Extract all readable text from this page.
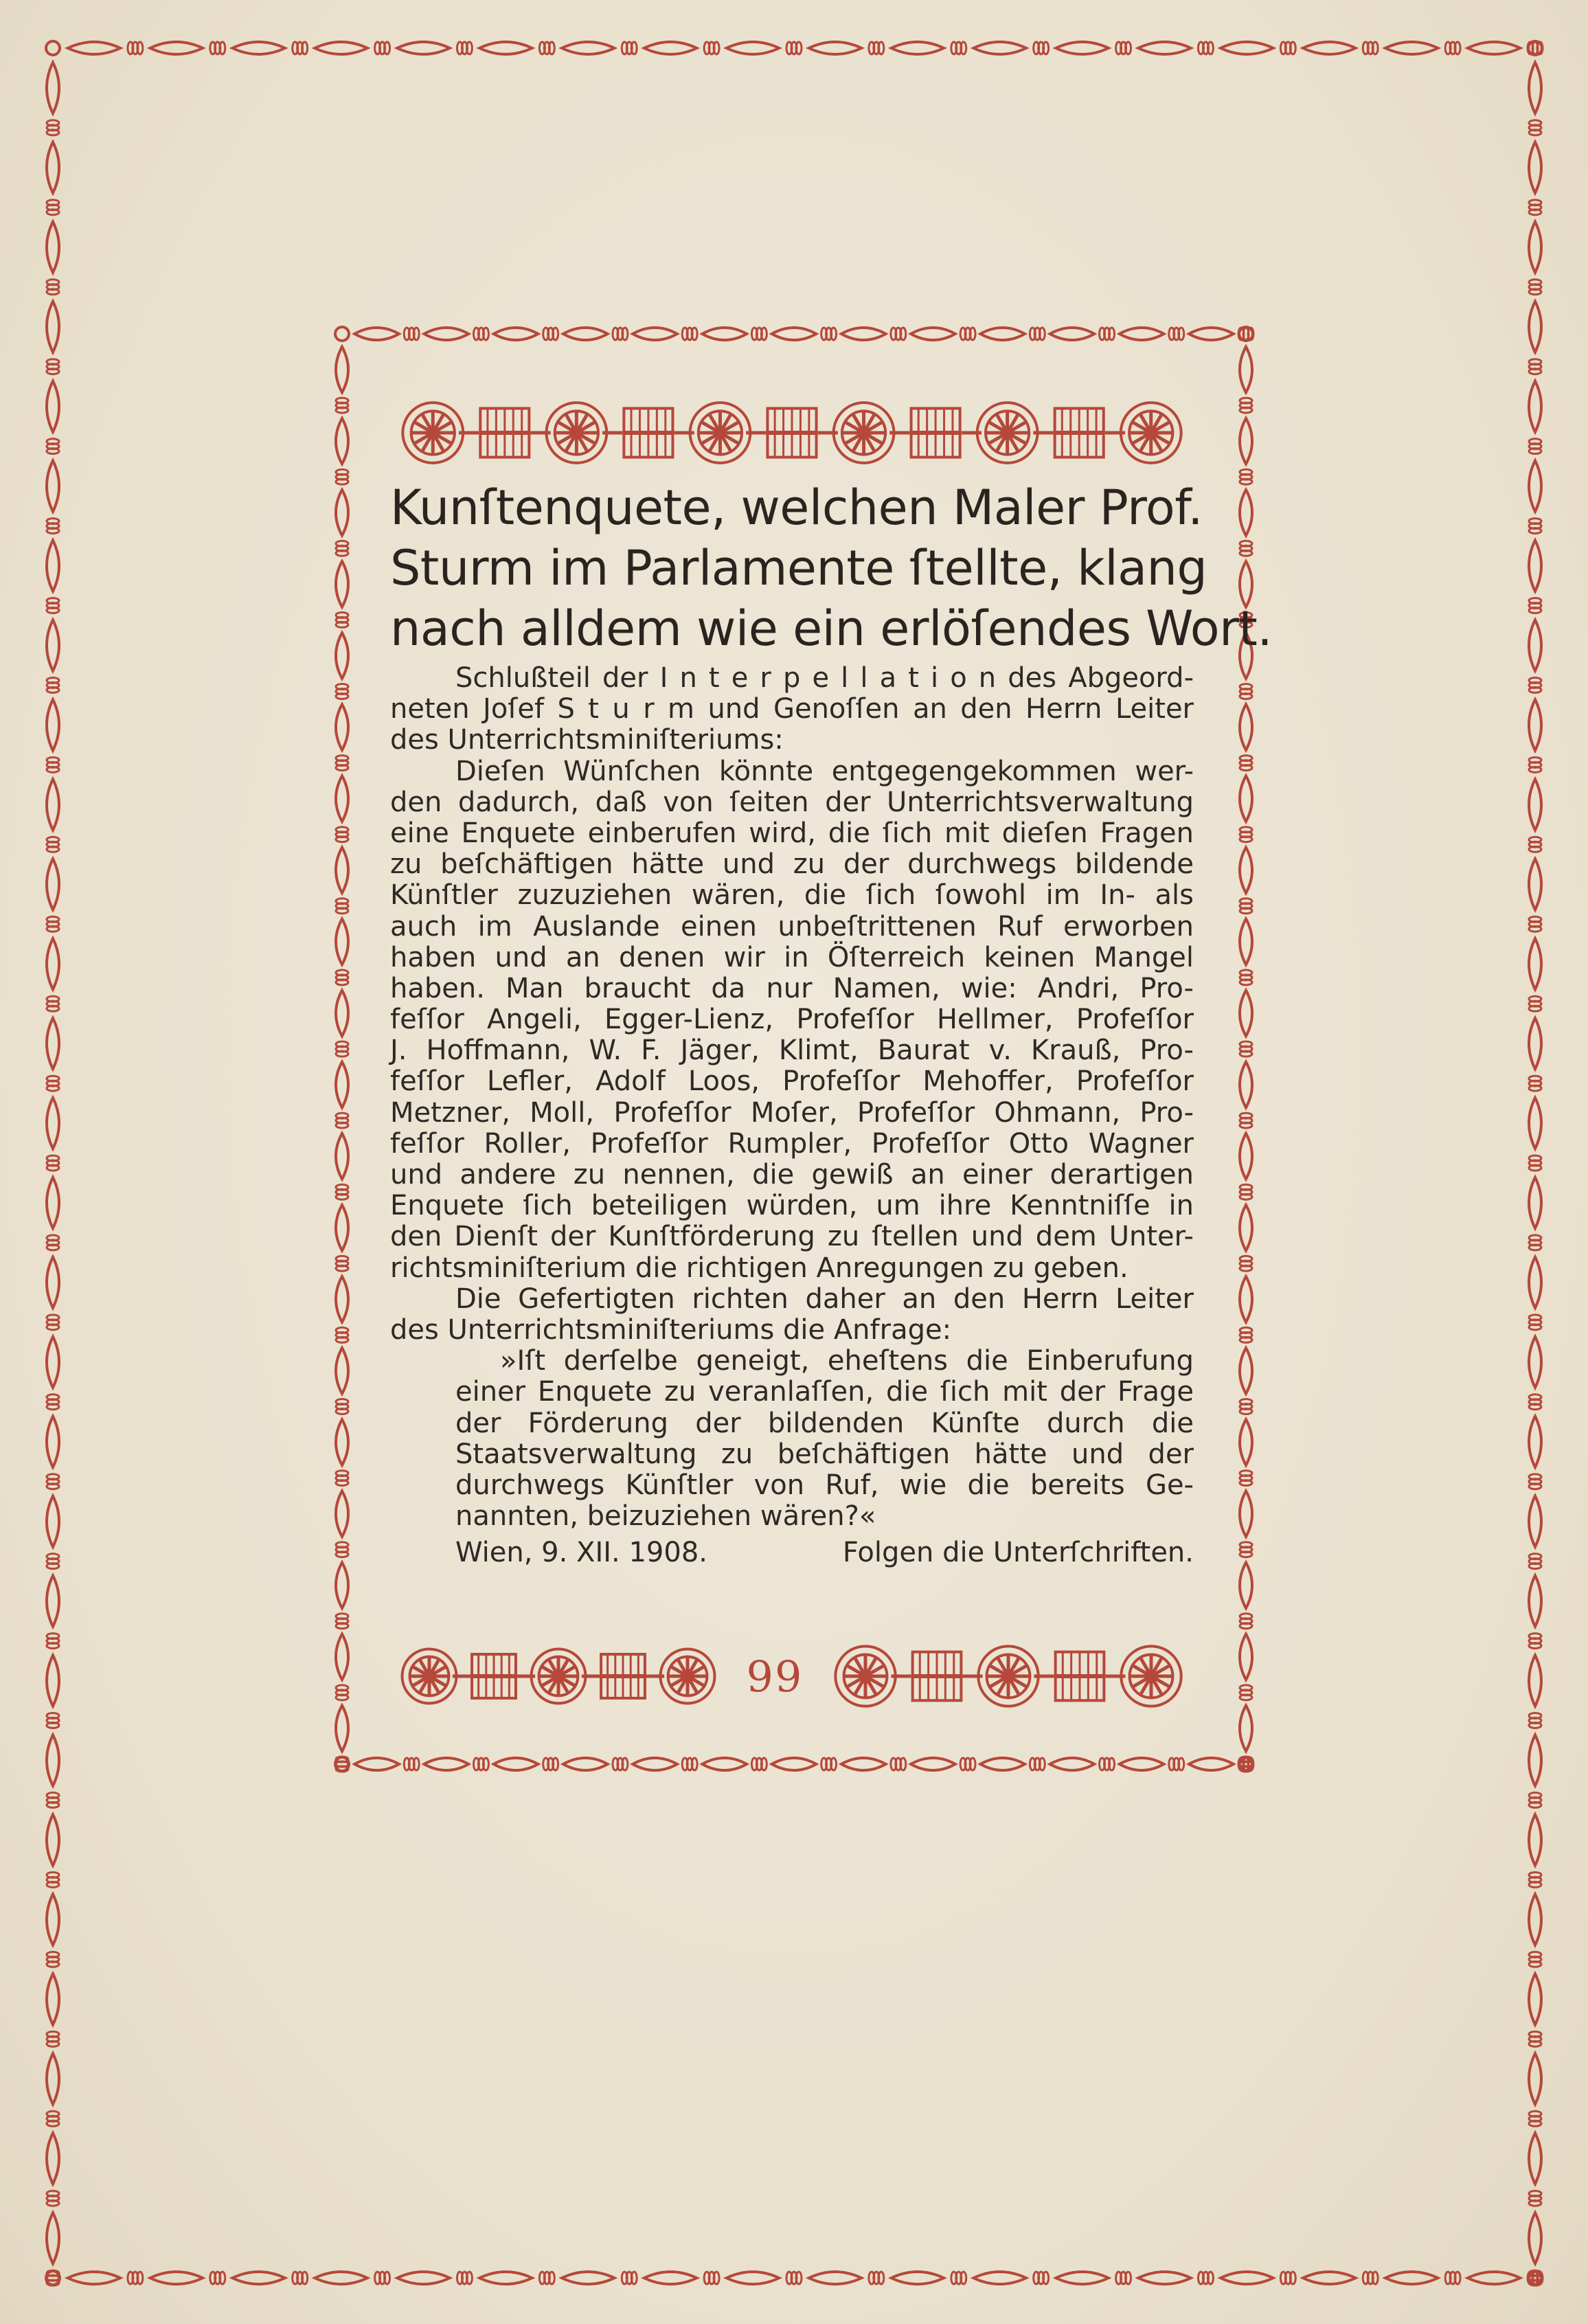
Kunſtenquete, welchen Maler Prof.
Sturm im Parlamente ſtellte, klang
nach alldem wie ein erlöſendes Wort.
Schlußteil der I n t e r p e l l a t i o n des Abgeord-
neten Joſef S t u r m und Genoſſen an den Herrn Leiter
des Unterrichtsminiſteriums:
Dieſen Wünſchen könnte entgegengekommen wer-
den dadurch, daß von ſeiten der Unterrichtsverwaltung
eine Enquete einberufen wird, die ſich mit dieſen Fragen
zu beſchäftigen hätte und zu der durchwegs bildende
Künſtler zuzuziehen wären, die ſich ſowohl im In- als
auch im Auslande einen unbeſtrittenen Ruf erworben
haben und an denen wir in Öſterreich keinen Mangel
haben. Man braucht da nur Namen, wie: Andri, Pro-
feſſor Angeli, Egger-Lienz, Profeſſor Hellmer, Profeſſor
J. Hoffmann, W. F. Jäger, Klimt, Baurat v. Krauß, Pro-
feſſor Lefler, Adolf Loos, Profeſſor Mehoffer, Profeſſor
Metzner, Moll, Profeſſor Moſer, Profeſſor Ohmann, Pro-
feſſor Roller, Profeſſor Rumpler, Profeſſor Otto Wagner
und andere zu nennen, die gewiß an einer derartigen
Enquete ſich beteiligen würden, um ihre Kenntniſſe in
den Dienſt der Kunſtförderung zu ſtellen und dem Unter-
richtsminiſterium die richtigen Anregungen zu geben.
Die Gefertigten richten daher an den Herrn Leiter
des Unterrichtsminiſteriums die Anfrage:
»Iſt derſelbe geneigt, eheſtens die Einberufung
einer Enquete zu veranlaſſen, die ſich mit der Frage
der Förderung der bildenden Künſte durch die
Staatsverwaltung zu beſchäftigen hätte und der
durchwegs Künſtler von Ruf, wie die bereits Ge-
nannten, beizuziehen wären?«
Wien, 9. XII. 1908.	Folgen die Unterſchriften.
99
